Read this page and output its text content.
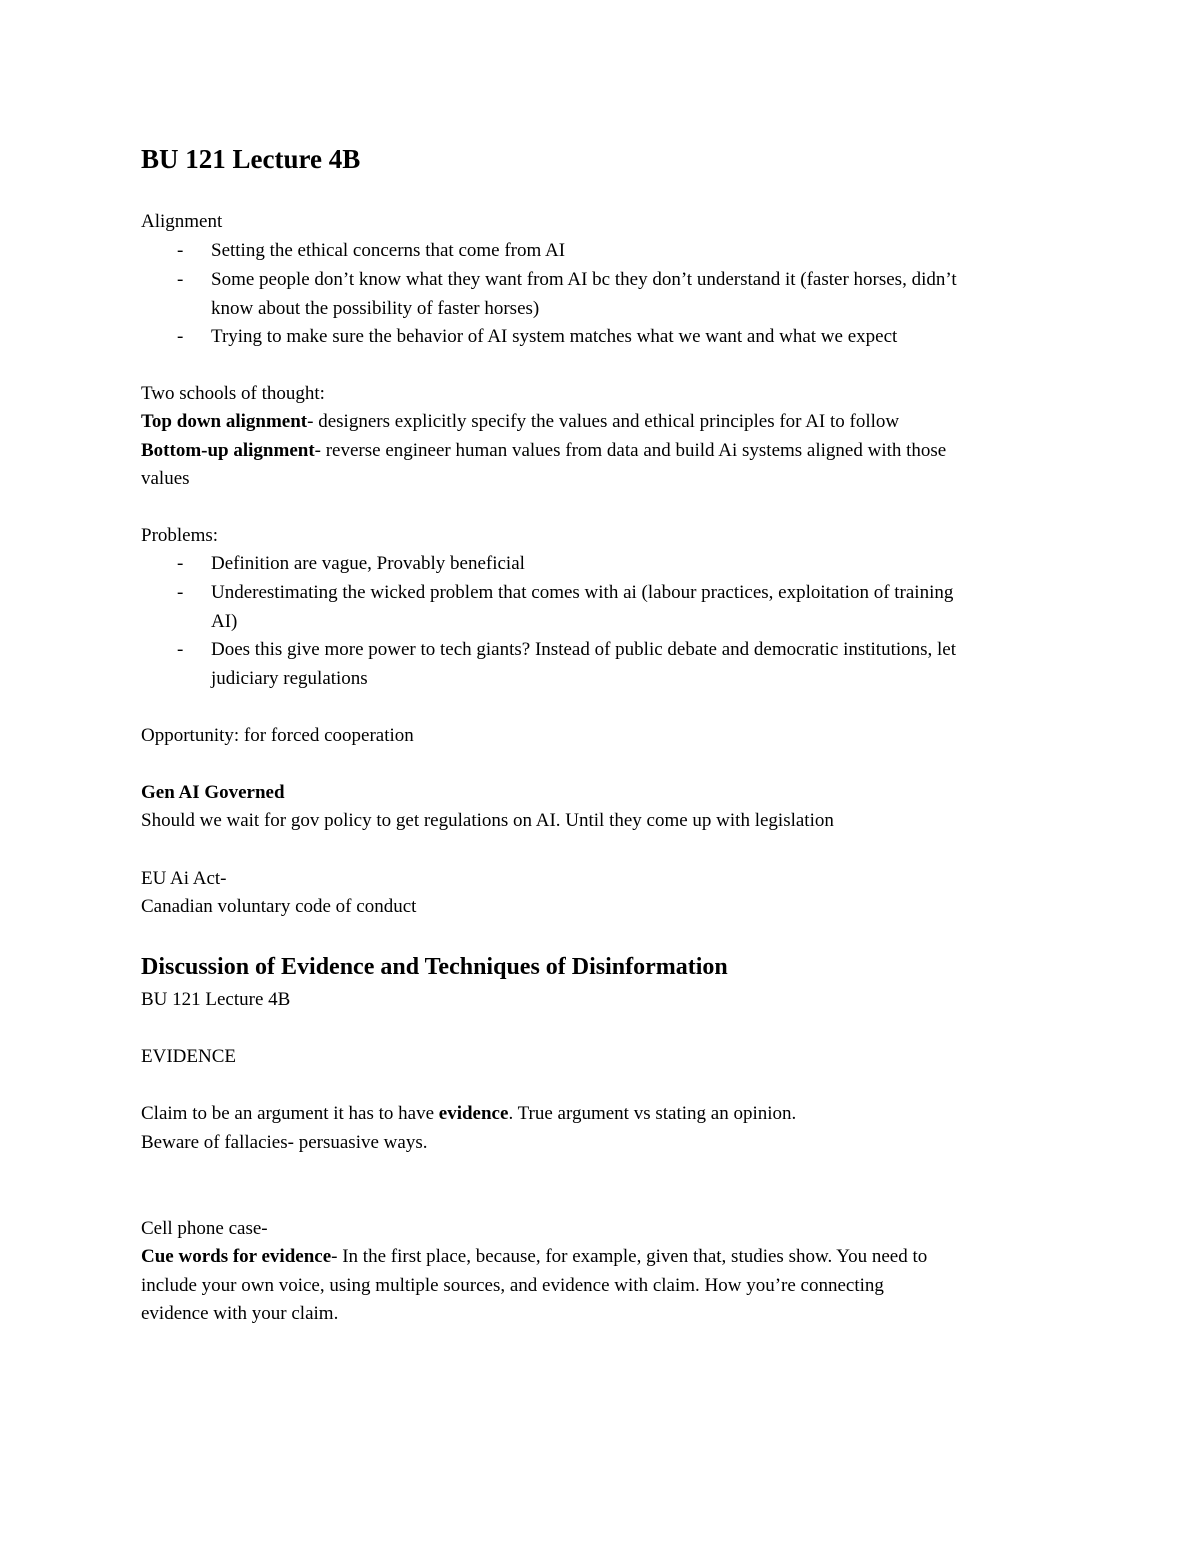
BU 121 Lecture 4B
Alignment
- Setting the ethical concerns that come from AI
- Some people don’t know what they want from AI bc they don’t understand it (faster horses, didn’t
know about the possibility of faster horses)
- Trying to make sure the behavior of AI system matches what we want and what we expect
Two schools of thought:
Top down alignment- designers explicitly specify the values and ethical principles for AI to follow
Bottom-up alignment- reverse engineer human values from data and build Ai systems aligned with those
values
Problems:
- Definition are vague, Provably beneficial
- Underestimating the wicked problem that comes with ai (labour practices, exploitation of training
AI)
- Does this give more power to tech giants? Instead of public debate and democratic institutions, let
judiciary regulations
Opportunity: for forced cooperation
Gen AI Governed
Should we wait for gov policy to get regulations on AI. Until they come up with legislation
EU Ai Act-
Canadian voluntary code of conduct
Discussion of Evidence and Techniques of Disinformation
BU 121 Lecture 4B
EVIDENCE
Claim to be an argument it has to have evidence. True argument vs stating an opinion.
Beware of fallacies- persuasive ways.
Cell phone case-
Cue words for evidence- In the first place, because, for example, given that, studies show. You need to
include your own voice, using multiple sources, and evidence with claim. How you’re connecting
evidence with your claim.
